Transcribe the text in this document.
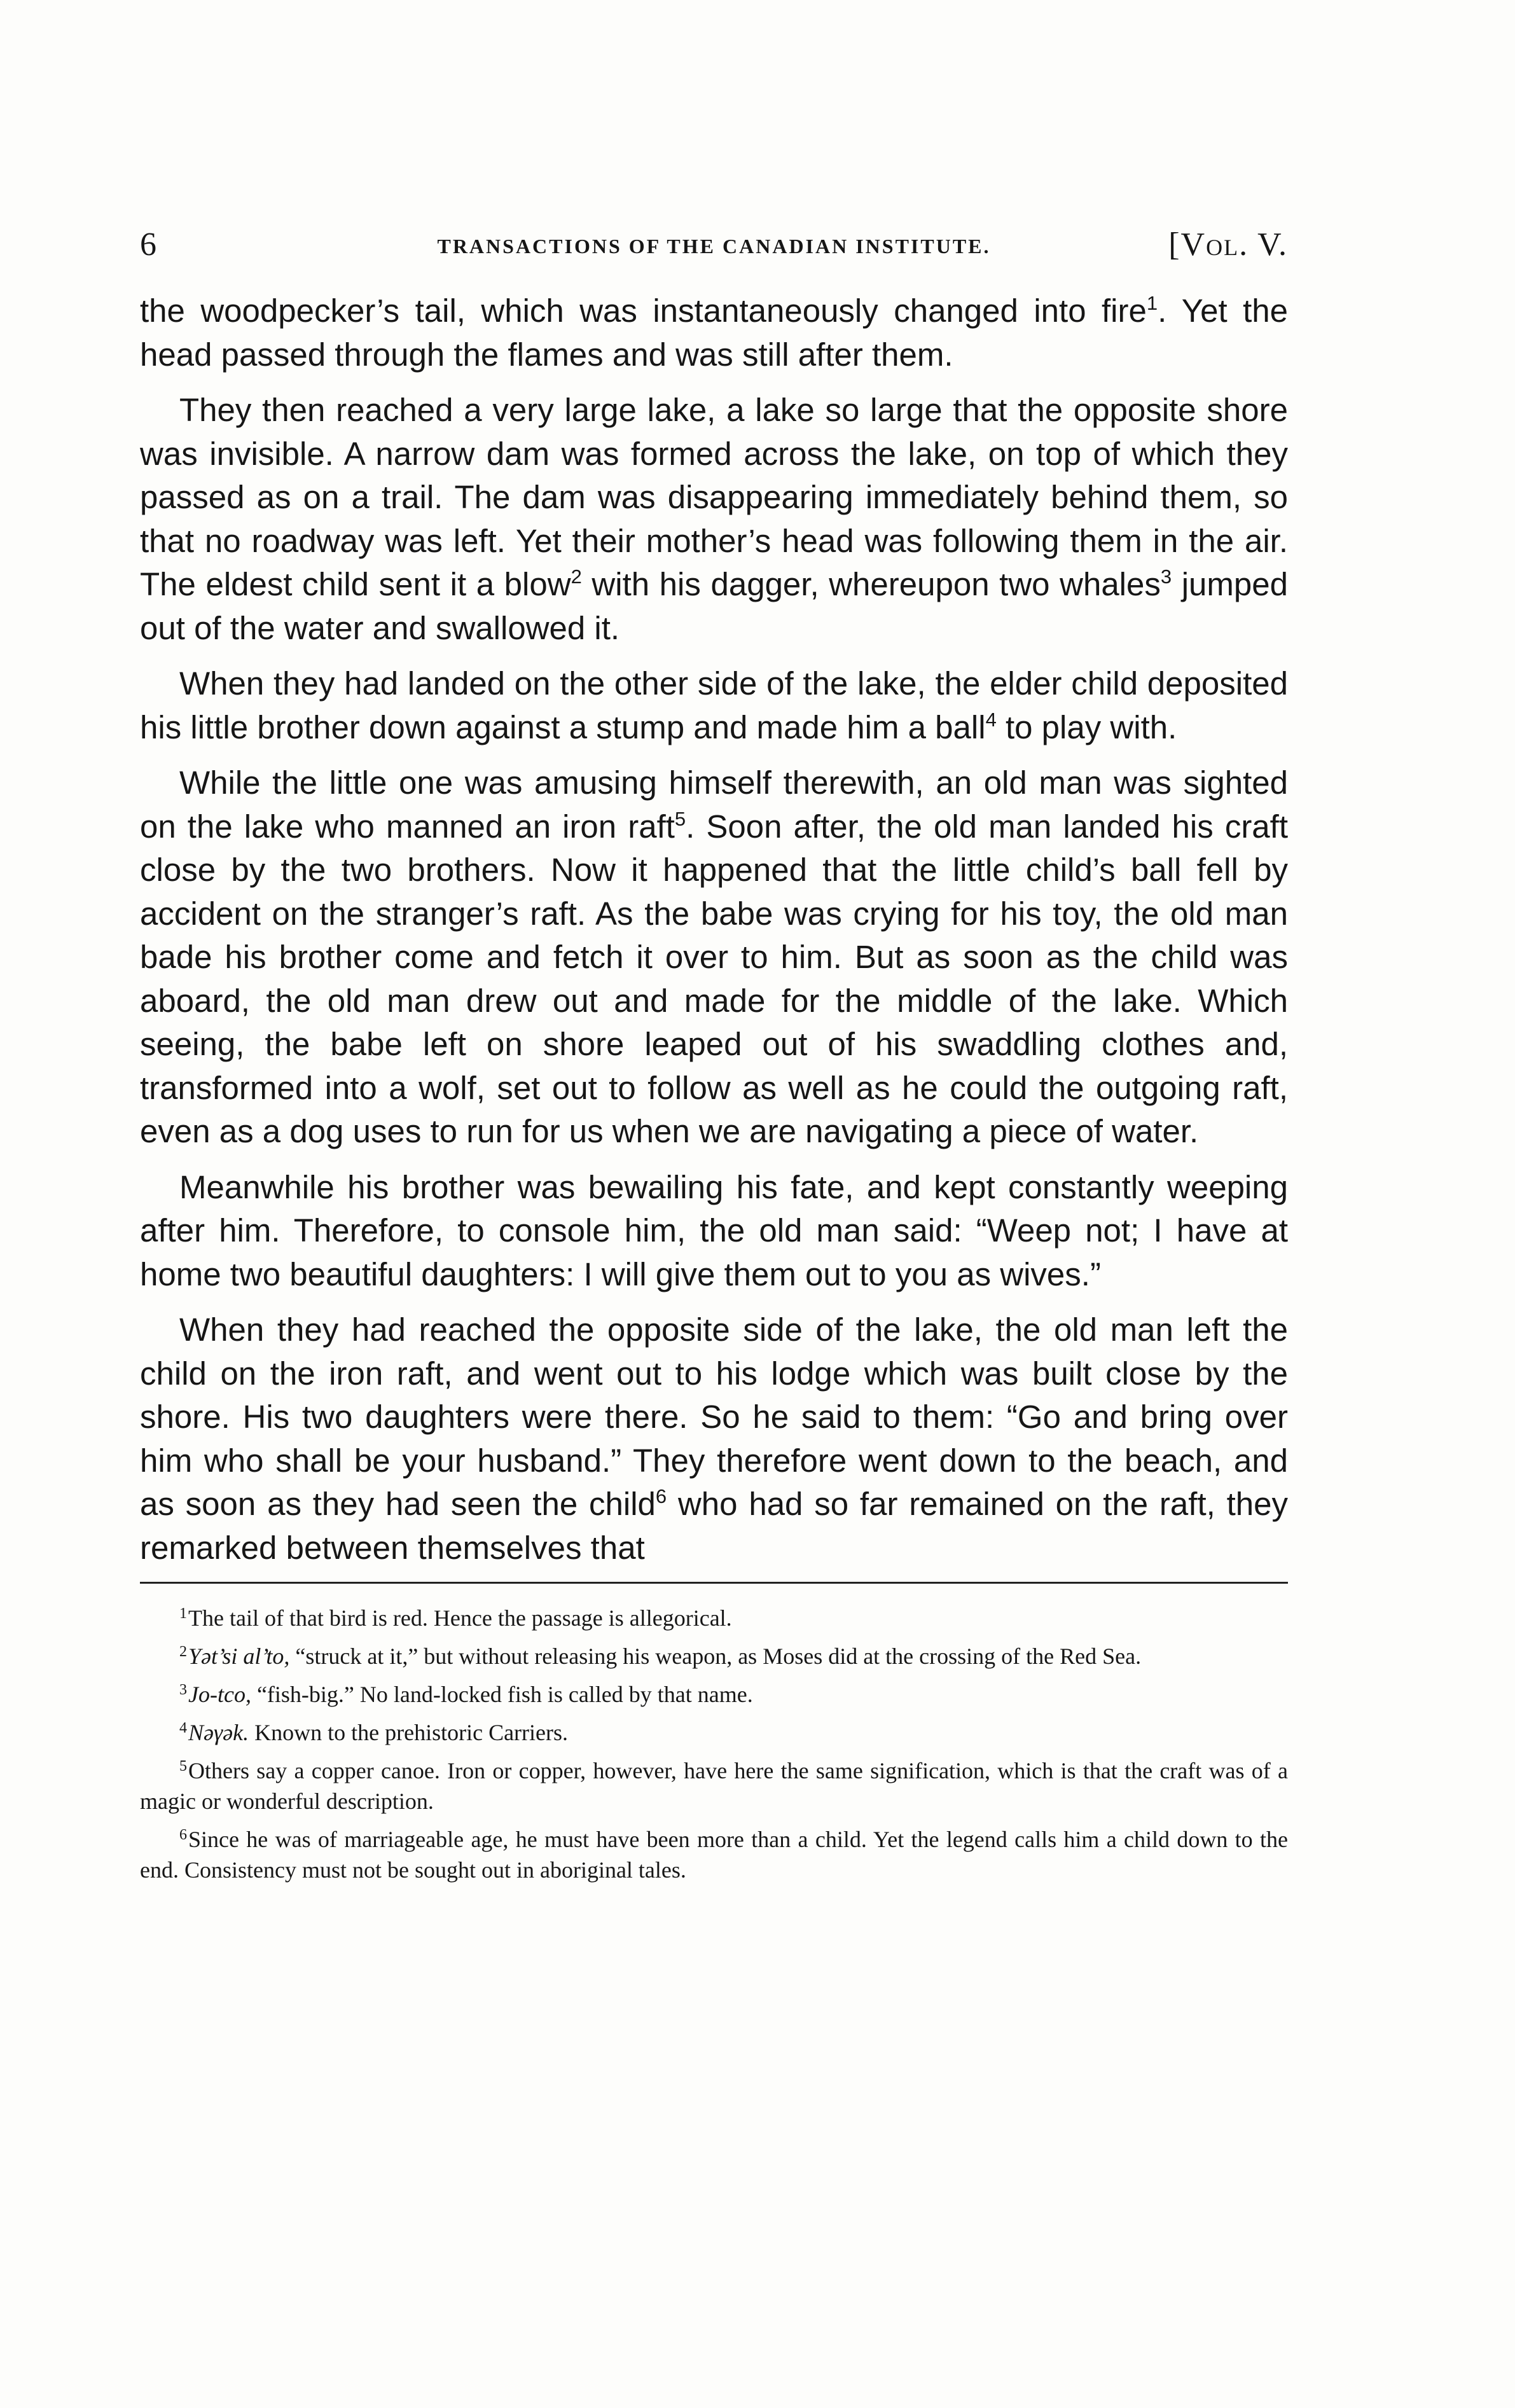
6	TRANSACTIONS OF THE CANADIAN INSTITUTE.	[Vol. V.

the woodpecker’s tail, which was instantaneously changed into fire$^1$. Yet the head passed through the flames and was still after them.

They then reached a very large lake, a lake so large that the opposite shore was invisible. A narrow dam was formed across the lake, on top of which they passed as on a trail. The dam was disappearing immediately behind them, so that no roadway was left. Yet their mother’s head was following them in the air. The eldest child sent it a blow$^2$ with his dagger, whereupon two whales$^3$ jumped out of the water and swallowed it.

When they had landed on the other side of the lake, the elder child deposited his little brother down against a stump and made him a ball$^4$ to play with.

While the little one was amusing himself therewith, an old man was sighted on the lake who manned an iron raft$^5$. Soon after, the old man landed his craft close by the two brothers. Now it happened that the little child’s ball fell by accident on the stranger’s raft. As the babe was crying for his toy, the old man bade his brother come and fetch it over to him. But as soon as the child was aboard, the old man drew out and made for the middle of the lake. Which seeing, the babe left on shore leaped out of his swaddling clothes and, transformed into a wolf, set out to follow as well as he could the outgoing raft, even as a dog uses to run for us when we are navigating a piece of water.

Meanwhile his brother was bewailing his fate, and kept constantly weeping after him. Therefore, to console him, the old man said: “Weep not; I have at home two beautiful daughters: I will give them out to you as wives.”

When they had reached the opposite side of the lake, the old man left the child on the iron raft, and went out to his lodge which was built close by the shore. His two daughters were there. So he said to them: “Go and bring over him who shall be your husband.” They therefore went down to the beach, and as soon as they had seen the child$^6$ who had so far remained on the raft, they remarked between themselves that

$^1$The tail of that bird is red. Hence the passage is allegorical.

$^2$Yət’si al’to, “struck at it,” but without releasing his weapon, as Moses did at the crossing of the Red Sea.

$^3$Jo-tco, “fish-big.” No land-locked fish is called by that name.

$^4$Nəγək. Known to the prehistoric Carriers.

$^5$Others say a copper canoe. Iron or copper, however, have here the same signification, which is that the craft was of a magic or wonderful description.

$^6$Since he was of marriageable age, he must have been more than a child. Yet the legend calls him a child down to the end. Consistency must not be sought out in aboriginal tales.
